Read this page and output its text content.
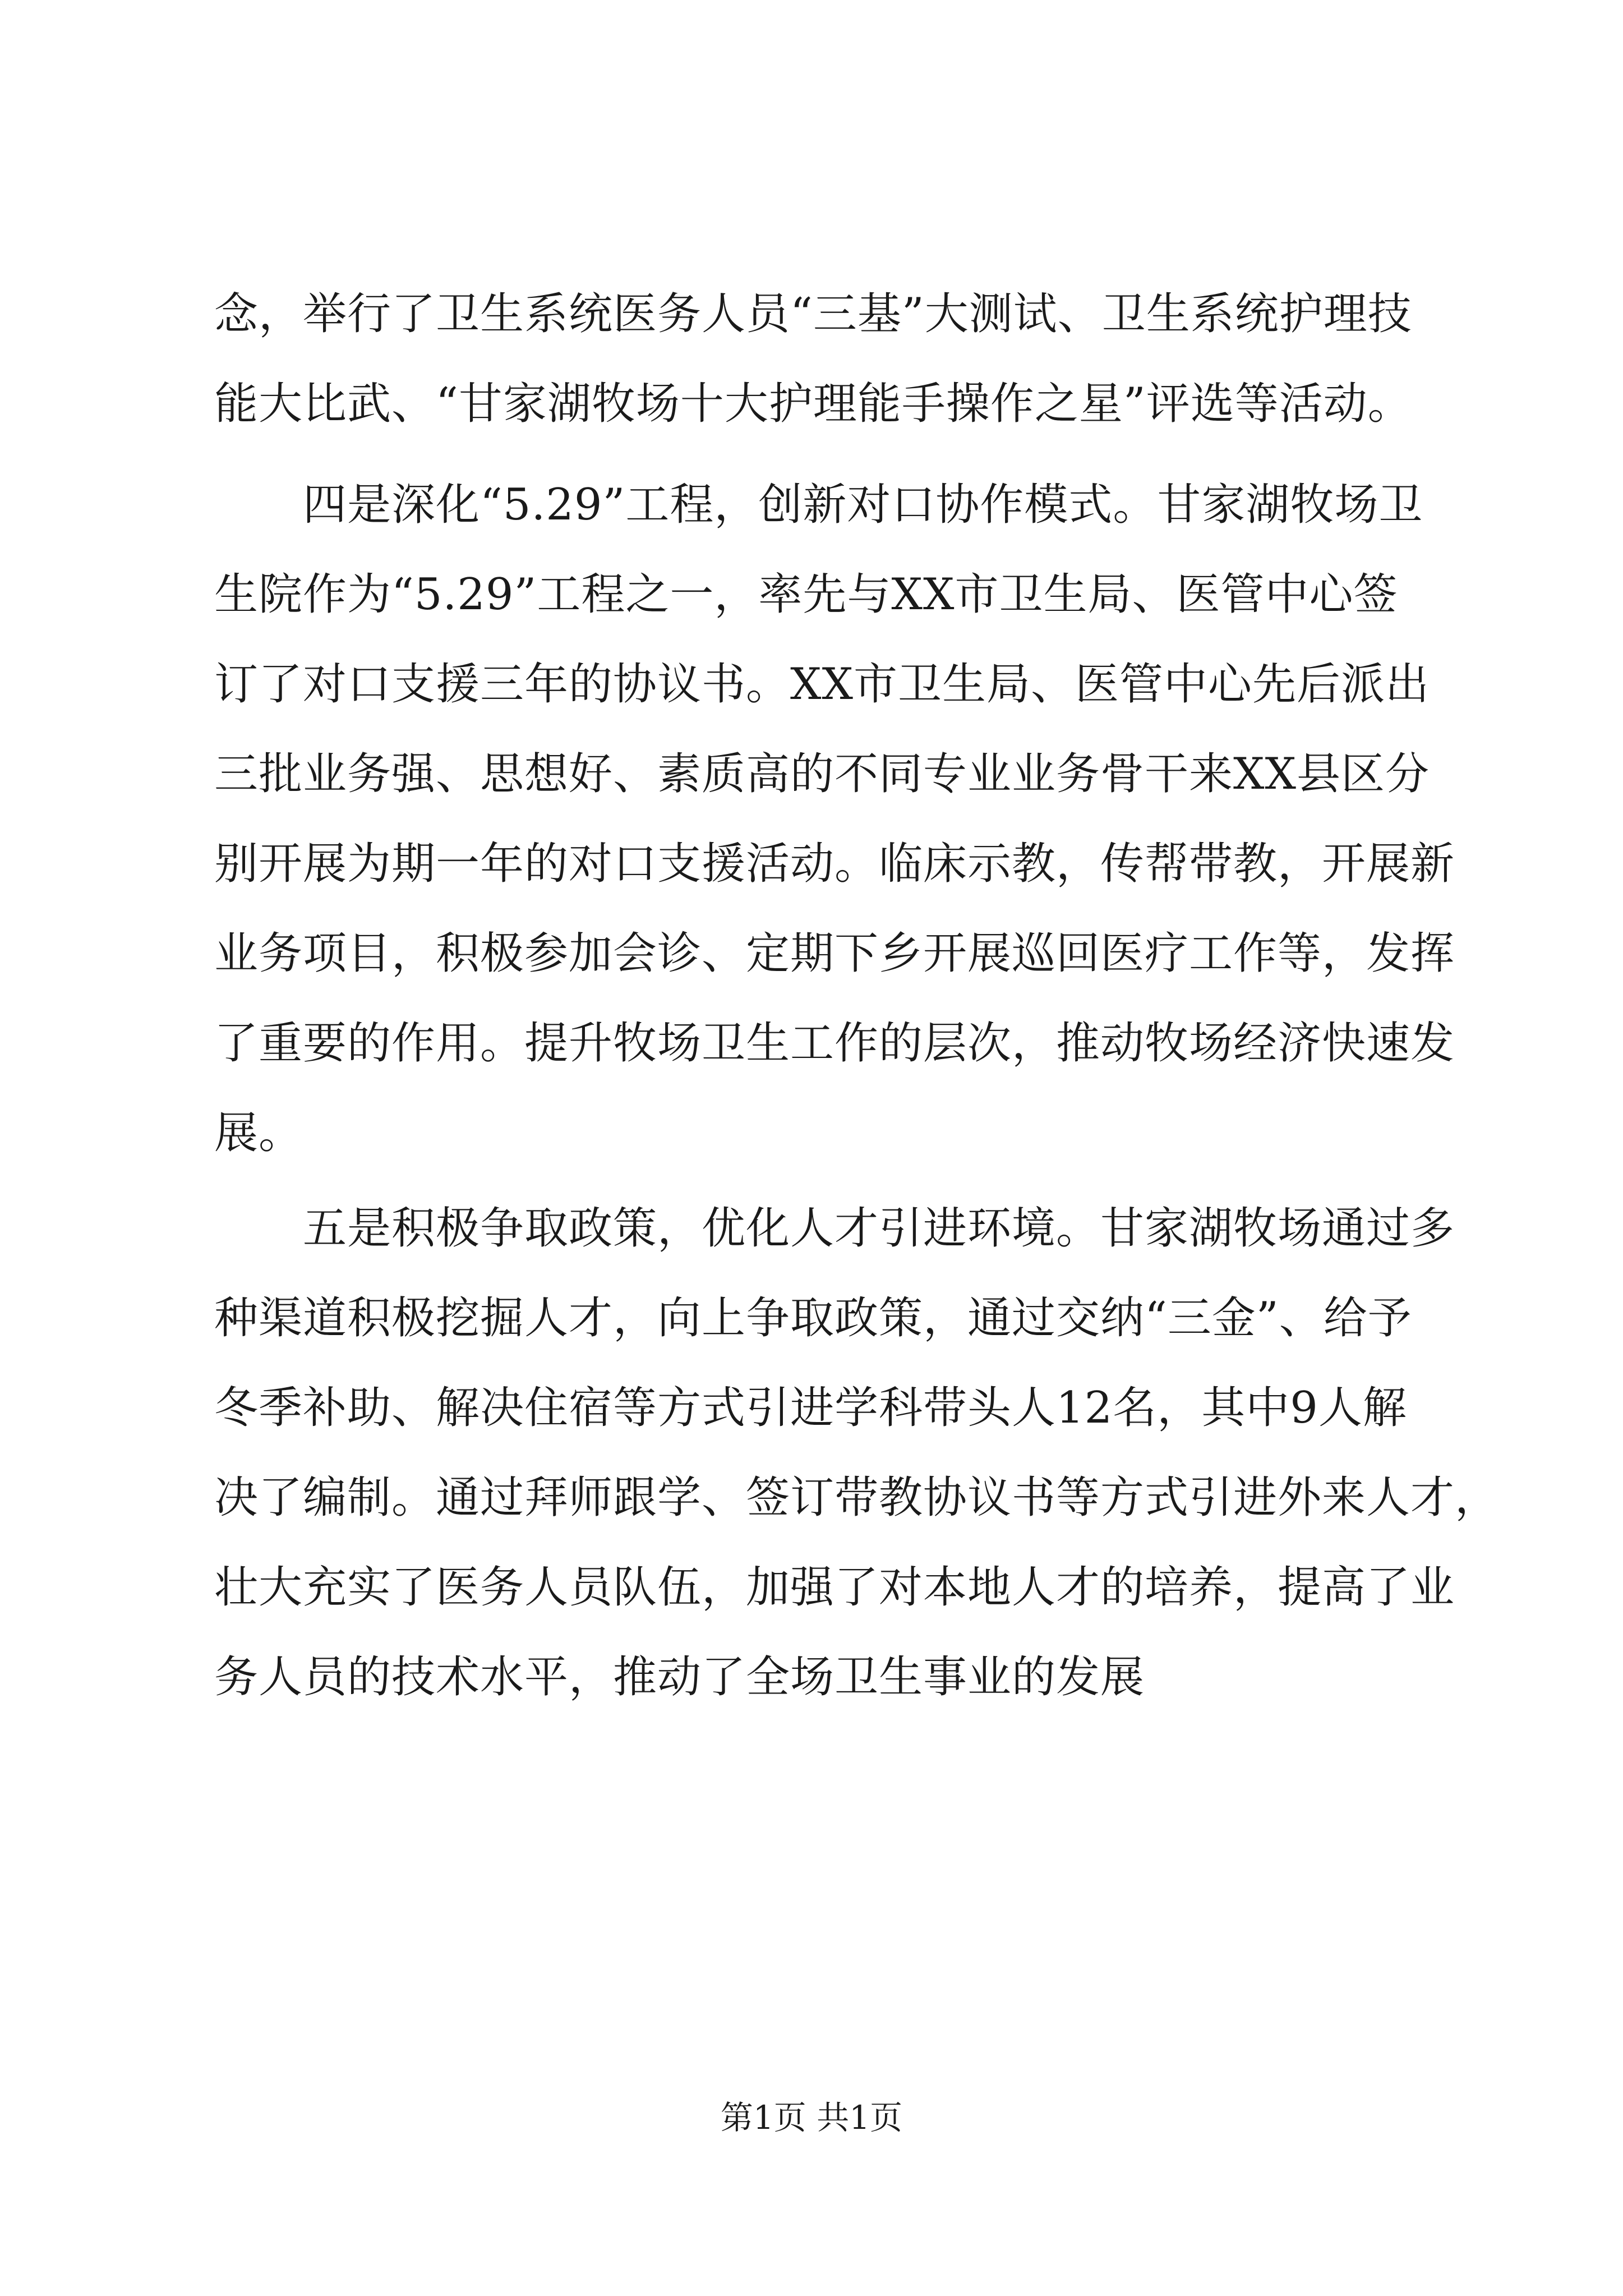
念，举行了卫生系统医务人员“三基”大测试、卫生系统护理技
能大比武、“甘家湖牧场十大护理能手操作之星”评选等活动。
四是深化“5.29”工程，创新对口协作模式。甘家湖牧场卫
生院作为“5.29”工程之一，率先与XX市卫生局、医管中心签
订了对口支援三年的协议书。XX市卫生局、医管中心先后派出
三批业务强、思想好、素质高的不同专业业务骨干来XX县区分
别开展为期一年的对口支援活动。临床示教，传帮带教，开展新
业务项目，积极参加会诊、定期下乡开展巡回医疗工作等，发挥
了重要的作用。提升牧场卫生工作的层次，推动牧场经济快速发
展。
五是积极争取政策，优化人才引进环境。甘家湖牧场通过多
种渠道积极挖掘人才，向上争取政策，通过交纳“三金”、给予
冬季补助、解决住宿等方式引进学科带头人12名，其中9人解
决了编制。通过拜师跟学、签订带教协议书等方式引进外来人才，
壮大充实了医务人员队伍，加强了对本地人才的培养，提高了业
务人员的技术水平，推动了全场卫生事业的发展
第1页 共1页
